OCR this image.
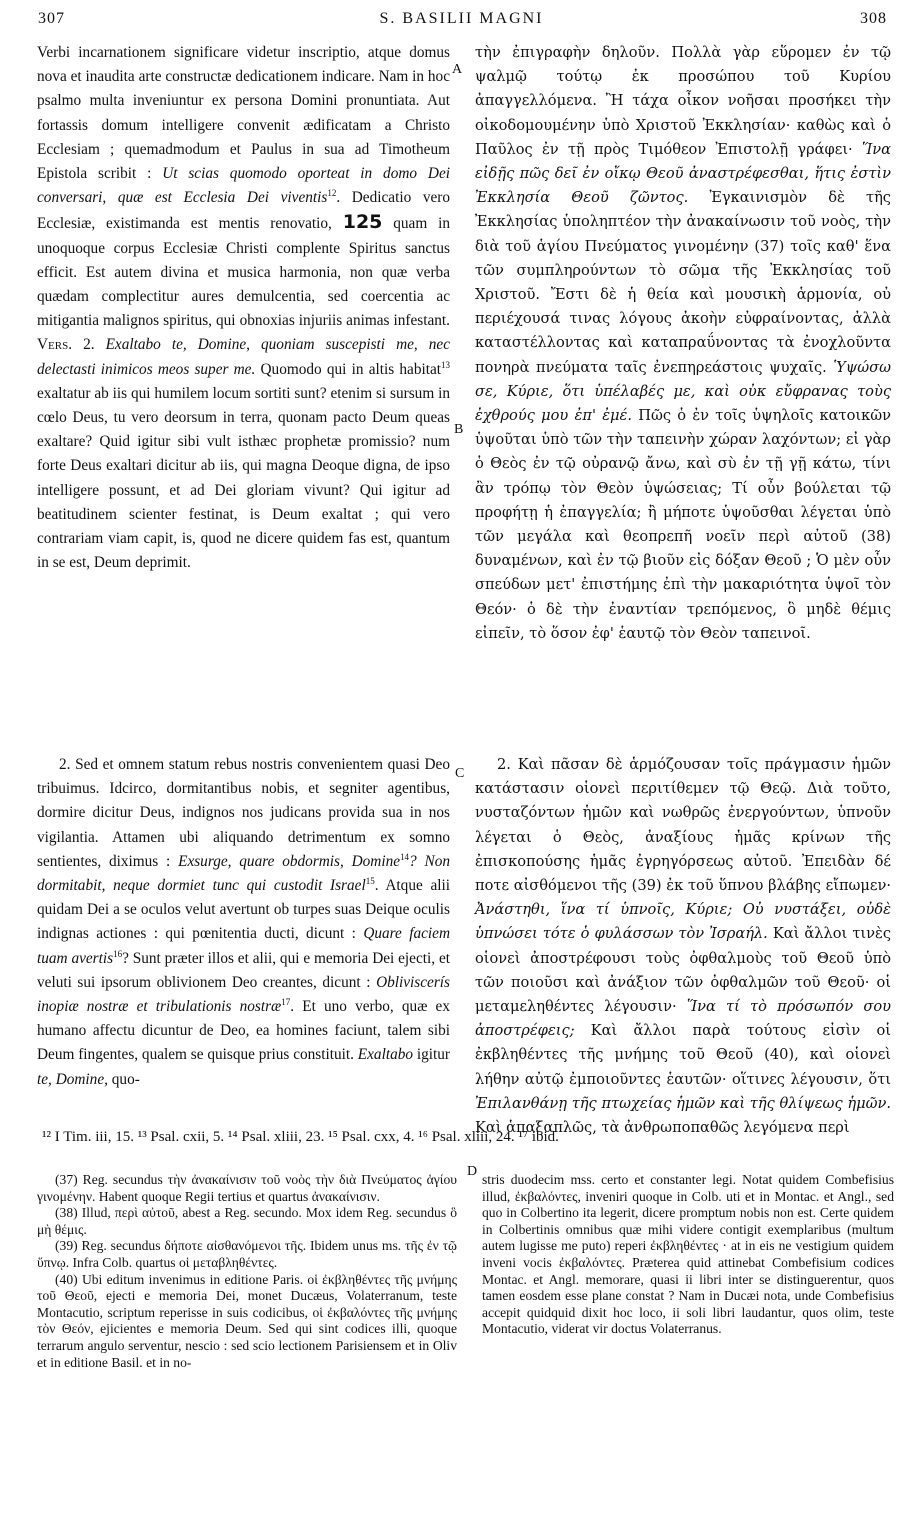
307	S. BASILII MAGNI	308
A
B
C
D

Verbi incarnationem significare videtur inscriptio, atque domus nova et inaudita arte constructæ dedicationem indicare. Nam in hoc psalmo multa inveniuntur ex persona Domini pronuntiata. Aut fortassis domum intelligere convenit ædificatam a Christo Ecclesiam ; quemadmodum et Paulus in sua ad Timotheum Epistola scribit : Ut scias quomodo oporteat in domo Dei conversari, quæ est Ecclesia Dei viventis$^{12}$. Dedicatio vero Ecclesiæ, existimanda est mentis renovatio, 125 quam in unoquoque corpus Ecclesiæ Christi complente Spiritus sanctus efficit. Est autem divina et musica harmonia, non quæ verba quædam complectitur aures demulcentia, sed coercentia ac mitigantia malignos spiritus, qui obnoxias injuriis animas infestant. Vers. 2. Exaltabo te, Domine, quoniam suscepisti me, nec delectasti inimicos meos super me. Quomodo qui in altis habitat$^{13}$ exaltatur ab iis qui humilem locum sortiti sunt? etenim si sursum in cœlo Deus, tu vero deorsum in terra, quonam pacto Deum queas exaltare? Quid igitur sibi vult isthæc prophetæ promissio? num forte Deus exaltari dicitur ab iis, qui magna Deoque digna, de ipso intelligere possunt, et ad Dei gloriam vivunt? Qui igitur ad beatitudinem scienter festinat, is Deum exaltat ; qui vero contrariam viam capit, is, quod ne dicere quidem fas est, quantum in se est, Deum deprimit.

2. Sed et omnem statum rebus nostris convenientem quasi Deo tribuimus. Idcirco, dormitantibus nobis, et segniter agentibus, dormire dicitur Deus, indignos nos judicans provida sua in nos vigilantia. Attamen ubi aliquando detrimentum ex somno sentientes, diximus : Exsurge, quare obdormis, Domine$^{14}$? Non dormitabit, neque dormiet tunc qui custodit Israel$^{15}$. Atque alii quidam Dei a se oculos velut avertunt ob turpes suas Deique oculis indignas actiones : qui pœnitentia ducti, dicunt : Quare faciem tuam avertis$^{16}$? Sunt præter illos et alii, qui e memoria Dei ejecti, et veluti sui ipsorum oblivionem Deo creantes, dicunt : Obliviscerís inopiæ nostræ et tribulationis nostræ$^{17}$. Et uno verbo, quæ ex humano affectu dicuntur de Deo, ea homines faciunt, talem sibi Deum fingentes, qualem se quisque prius constituit. Exaltabo igitur te, Domine, quo-

τὴν ἐπιγραφὴν δηλοῦν. Πολλὰ γὰρ εὕρομεν ἐν τῷ ψαλμῷ τούτῳ ἐκ προσώπου τοῦ Κυρίου ἀπαγγελλόμενα. Ἢ τάχα οἶκον νοῆσαι προσήκει τὴν οἰκοδομουμένην ὑπὸ Χριστοῦ Ἐκκλησίαν· καθὼς καὶ ὁ Παῦλος ἐν τῇ πρὸς Τιμόθεον Ἐπιστολῇ γράφει· Ἵνα εἰδῇς πῶς δεῖ ἐν οἴκῳ Θεοῦ ἀναστρέφεσθαι, ἥτις ἐστὶν Ἐκκλησία Θεοῦ ζῶντος. Ἐγκαινισμὸν δὲ τῆς Ἐκκλησίας ὑποληπτέον τὴν ἀνακαίνωσιν τοῦ νοὸς, τὴν διὰ τοῦ ἁγίου Πνεύματος γινομένην (37) τοῖς καθ' ἕνα τῶν συμπληρούντων τὸ σῶμα τῆς Ἐκκλησίας τοῦ Χριστοῦ. Ἔστι δὲ ἡ θεία καὶ μουσικὴ ἁρμονία, οὐ περιέχουσά τινας λόγους ἀκοὴν εὐφραίνοντας, ἀλλὰ καταστέλλοντας καὶ καταπραΰνοντας τὰ ἐνοχλοῦντα πονηρὰ πνεύματα ταῖς ἐνεπηρεάστοις ψυχαῖς. Ὑψώσω σε, Κύριε, ὅτι ὑπέλαβές με, καὶ οὐκ εὔφρανας τοὺς ἐχθρούς μου ἐπ' ἐμέ. Πῶς ὁ ἐν τοῖς ὑψηλοῖς κατοικῶν ὑψοῦται ὑπὸ τῶν τὴν ταπεινὴν χώραν λαχόντων; εἰ γὰρ ὁ Θεὸς ἐν τῷ οὐρανῷ ἄνω, καὶ σὺ ἐν τῇ γῇ κάτω, τίνι ἂν τρόπῳ τὸν Θεὸν ὑψώσειας; Τί οὖν βούλεται τῷ προφήτῃ ἡ ἐπαγγελία; ἢ μήποτε ὑψοῦσθαι λέγεται ὑπὸ τῶν μεγάλα καὶ θεοπρεπῆ νοεῖν περὶ αὐτοῦ (38) δυναμένων, καὶ ἐν τῷ βιοῦν εἰς δόξαν Θεοῦ ; Ὁ μὲν οὖν σπεύδων μετ' ἐπιστήμης ἐπὶ τὴν μακαριότητα ὑψοῖ τὸν Θεόν· ὁ δὲ τὴν ἐναντίαν τρεπόμενος, ὃ μηδὲ θέμις εἰπεῖν, τὸ ὅσον ἐφ' ἑαυτῷ τὸν Θεὸν ταπεινοῖ.

2. Καὶ πᾶσαν δὲ ἁρμόζουσαν τοῖς πράγμασιν ἡμῶν κατάστασιν οἱονεὶ περιτίθεμεν τῷ Θεῷ. Διὰ τοῦτο, νυσταζόντων ἡμῶν καὶ νωθρῶς ἐνεργούντων, ὑπνοῦν λέγεται ὁ Θεὸς, ἀναξίους ἡμᾶς κρίνων τῆς ἐπισκοπούσης ἡμᾶς ἐγρηγόρσεως αὐτοῦ. Ἐπειδὰν δέ ποτε αἰσθόμενοι τῆς (39) ἐκ τοῦ ὕπνου βλάβης εἴπωμεν· Ἀνάστηθι, ἵνα τί ὑπνοῖς, Κύριε; Οὐ νυστάξει, οὐδὲ ὑπνώσει τότε ὁ φυλάσσων τὸν Ἰσραήλ. Καὶ ἄλλοι τινὲς οἱονεὶ ἀποστρέφουσι τοὺς ὀφθαλμοὺς τοῦ Θεοῦ ὑπὸ τῶν ποιοῦσι καὶ ἀνάξιον τῶν ὀφθαλμῶν τοῦ Θεοῦ· οἱ μεταμεληθέντες λέγουσιν· Ἵνα τί τὸ πρόσωπόν σου ἀποστρέφεις; Καὶ ἄλλοι παρὰ τούτους εἰσὶν οἱ ἐκβληθέντες τῆς μνήμης τοῦ Θεοῦ (40), καὶ οἱονεὶ λήθην αὐτῷ ἐμποιοῦντες ἑαυτῶν· οἵτινες λέγουσιν, ὅτι Ἐπιλανθάνῃ τῆς πτωχείας ἡμῶν καὶ τῆς θλίψεως ἡμῶν. Καὶ ἁπαξαπλῶς, τὰ ἀνθρωποπαθῶς λεγόμενα περὶ

¹² I Tim. iii, 15. ¹³ Psal. cxii, 5. ¹⁴ Psal. xliii, 23. ¹⁵ Psal. cxx, 4. ¹⁶ Psal. xliii, 24. ¹⁷ ibid.

(37) Reg. secundus τὴν ἀνακαίνισιν τοῦ νοὸς τὴν διὰ Πνεύματος ἁγίου γινομένην. Habent quoque Regii tertius et quartus ἀνακαίνισιν.

(38) Illud, περὶ αὐτοῦ, abest a Reg. secundo. Mox idem Reg. secundus ὃ μὴ θέμις.

(39) Reg. secundus δήποτε αἰσθανόμενοι τῆς. Ibidem unus ms. τῆς ἐν τῷ ὕπνῳ. Infra Colb. quartus οἱ μεταβληθέντες.

(40) Ubi editum invenimus in editione Paris. οἱ ἐκβληθέντες τῆς μνήμης τοῦ Θεοῦ, ejecti e memoria Dei, monet Ducæus, Volaterranum, teste Montacutio, scriptum reperisse in suis codicibus, οἱ ἐκβαλόντες τῆς μνήμης τὸν Θεόν, ejicientes e memoria Deum. Sed qui sint codices illi, quoque terrarum angulo serventur, nescio : sed scio lectionem Parisiensem et in Oliv et in editione Basil. et in no-

stris duodecim mss. certo et constanter legi. Notat quidem Combefisius illud, ἐκβαλόντες, inveniri quoque in Colb. uti et in Montac. et Angl., sed quo in Colbertino ita legerit, dicere promptum nobis non est. Certe quidem in Colbertinis omnibus quæ mihi videre contigit exemplaribus (multum autem lugisse me puto) reperi ἐκβληθέντες · at in eis ne vestigium quidem inveni vocis ἐκβαλόντες. Præterea quid attinebat Combefisium codices Montac. et Angl. memorare, quasi ii libri inter se distinguerentur, quos tamen eosdem esse plane constat ? Nam in Ducæi nota, unde Combefisius accepit quidquid dixit hoc loco, ii soli libri laudantur, quos olim, teste Montacutio, viderat vir doctus Volaterranus.
